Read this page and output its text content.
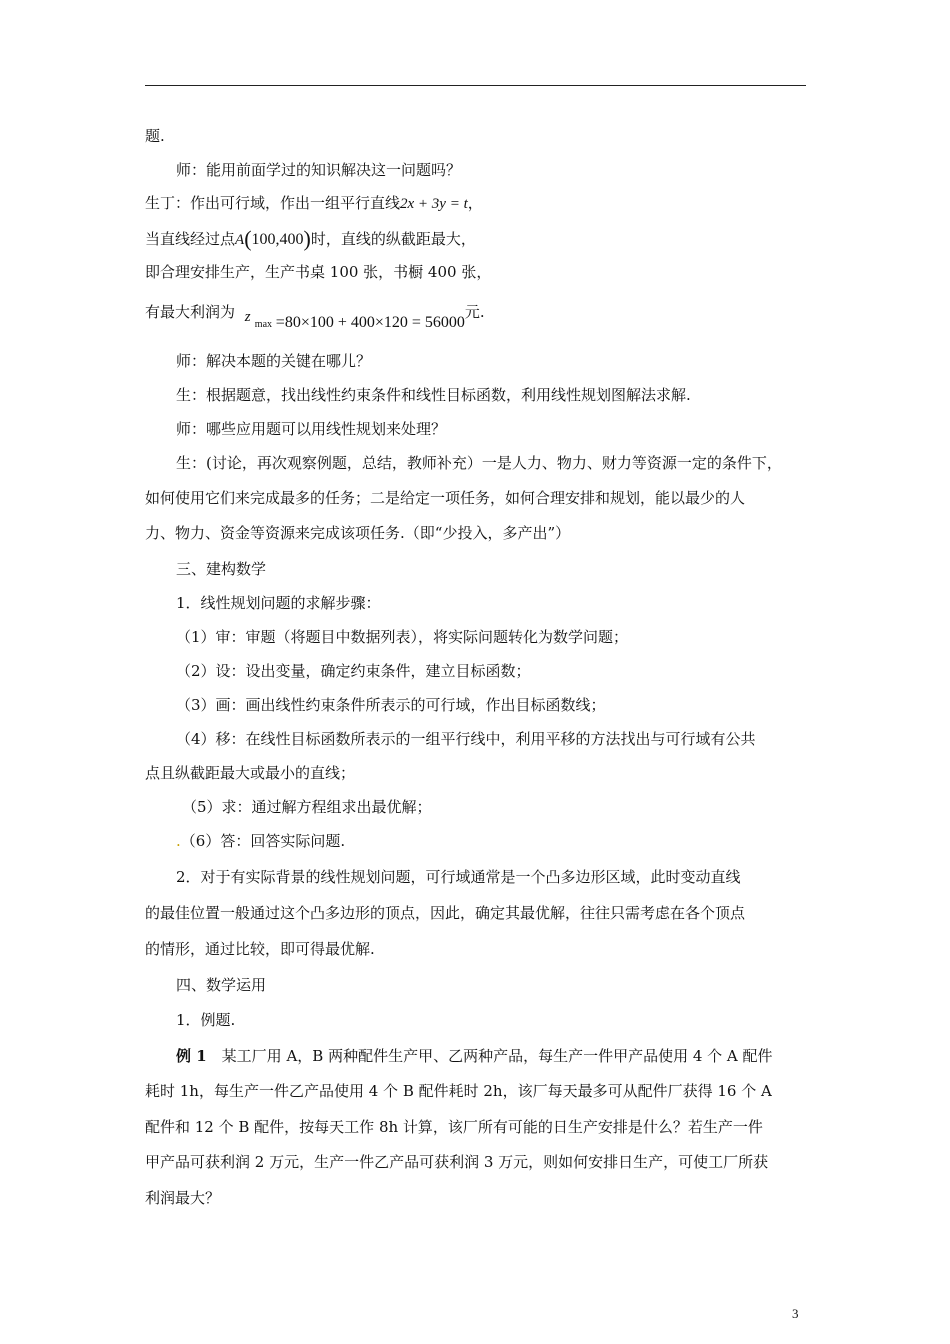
题.
师：能用前面学过的知识解决这一问题吗？
生丁：作出可行域，作出一组平行直线2x + 3y = t，
当直线经过点A(100,400)时，直线的纵截距最大，
即合理安排生产，生产书桌 100 张，书橱 400 张，
有最大利润为 z max =80×100 + 400×120 = 56000元.
师：解决本题的关键在哪儿？
生：根据题意，找出线性约束条件和线性目标函数，利用线性规划图解法求解.
师：哪些应用题可以用线性规划来处理？
生：(讨论，再次观察例题，总结，教师补充）一是人力、物力、财力等资源一定的条件下，
如何使用它们来完成最多的任务；二是给定一项任务，如何合理安排和规划，能以最少的人
力、物力、资金等资源来完成该项任务.（即“少投入，多产出”）
三、建构数学
1．线性规划问题的求解步骤：
（1）审：审题（将题目中数据列表），将实际问题转化为数学问题；
（2）设：设出变量，确定约束条件，建立目标函数；
（3）画：画出线性约束条件所表示的可行域，作出目标函数线；
（4）移：在线性目标函数所表示的一组平行线中，利用平移的方法找出与可行域有公共
点且纵截距最大或最小的直线；
（5）求：通过解方程组求出最优解；
.（6）答：回答实际问题.
2．对于有实际背景的线性规划问题，可行域通常是一个凸多边形区域，此时变动直线
的最佳位置一般通过这个凸多边形的顶点，因此，确定其最优解，往往只需考虑在各个顶点
的情形，通过比较，即可得最优解.
四、数学运用
1．例题.
例 1　某工厂用 A，B 两种配件生产甲、乙两种产品，每生产一件甲产品使用 4 个 A 配件
耗时 1h，每生产一件乙产品使用 4 个 B 配件耗时 2h，该厂每天最多可从配件厂获得 16 个 A
配件和 12 个 B 配件，按每天工作 8h 计算，该厂所有可能的日生产安排是什么？若生产一件
甲产品可获利润 2 万元，生产一件乙产品可获利润 3 万元，则如何安排日生产，可使工厂所获
利润最大？
3
